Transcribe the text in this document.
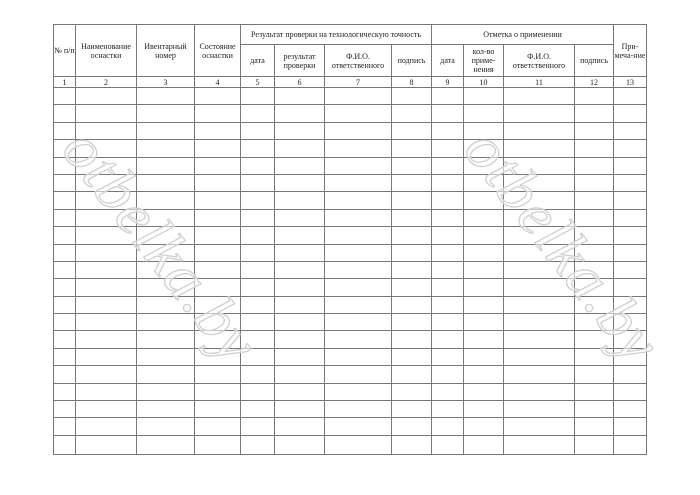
№ п/п	Наименование оснастки	Ивентарный номер	Состояние оснастки	Результат проверки на технологическую точность				Отметка о применении				При-меча-ние
				дата	результат проверки	Ф.И.О. ответственного	подпись	дата	кол-во приме-нения	Ф.И.О. ответственного	подпись	
1	2	3	4	5	6	7	8	9	10	11	12	13

otbelka.by	otbelka.by
